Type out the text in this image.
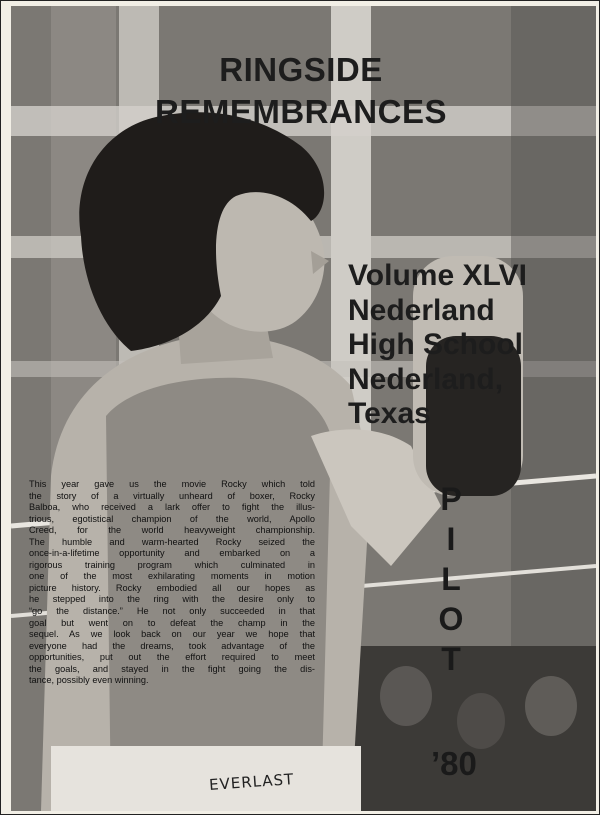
RINGSIDE
REMEMBRANCES
Volume XLVI
Nederland
High School
Nederland,
Texas
P
I
L
O
T
’80
This year gave us the movie Rocky which told
the story of a virtually unheard of boxer, Rocky
Balboa, who received a lark offer to fight the illus-
trious, egotistical champion of the world, Apollo
Creed, for the world heavyweight championship.
The humble and warm-hearted Rocky seized the
once-in-a-lifetime opportunity and embarked on a
rigorous training program which culminated in
one of the most exhilarating moments in motion
picture history. Rocky embodied all our hopes as
he stepped into the ring with the desire only to
“go the distance.” He not only succeeded in that
goal but went on to defeat the champ in the
sequel. As we look back on our year we hope that
everyone had the dreams, took advantage of the
opportunities, put out the effort required to meet
the goals, and stayed in the fight going the dis-
tance, possibly even winning.
EVERLAST
